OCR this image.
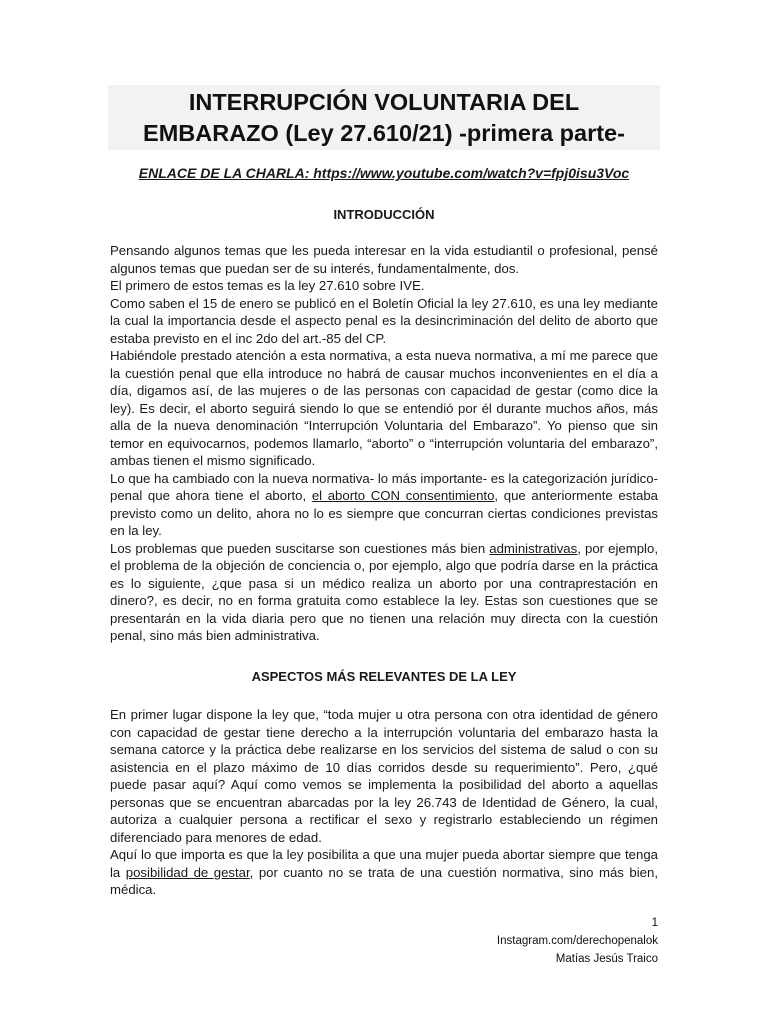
INTERRUPCIÓN VOLUNTARIA DEL
EMBARAZO (Ley 27.610/21) -primera parte-
ENLACE DE LA CHARLA: https://www.youtube.com/watch?v=fpj0isu3Voc
INTRODUCCIÓN

Pensando algunos temas que les pueda interesar en la vida estudiantil o profesional, pensé algunos temas que puedan ser de su interés, fundamentalmente, dos.

El primero de estos temas es la ley 27.610 sobre IVE.

Como saben el 15 de enero se publicó en el Boletín Oficial la ley 27.610, es una ley mediante la cual la importancia desde el aspecto penal es la desincriminación del delito de aborto que estaba previsto en el inc 2do del art.-85 del CP.

Habiéndole prestado atención a esta normativa, a esta nueva normativa, a mí me parece que la cuestión penal que ella introduce no habrá de causar muchos inconvenientes en el día a día, digamos así, de las mujeres o de las personas con capacidad de gestar (como dice la ley). Es decir, el aborto seguirá siendo lo que se entendió por él durante muchos años, más alla de la nueva denominación “Interrupción Voluntaria del Embarazo”. Yo pienso que sin temor en equivocarnos, podemos llamarlo, “aborto” o “interrupción voluntaria del embarazo”, ambas tienen el mismo significado.

Lo que ha cambiado con la nueva normativa- lo más importante- es la categorización jurídico-penal que ahora tiene el aborto, el aborto CON consentimiento, que anteriormente estaba previsto como un delito, ahora no lo es siempre que concurran ciertas condiciones previstas en la ley.

Los problemas que pueden suscitarse son cuestiones más bien administrativas, por ejemplo, el problema de la objeción de conciencia o, por ejemplo, algo que podría darse en la práctica es lo siguiente, ¿que pasa si un médico realiza un aborto por una contraprestación en dinero?, es decir, no en forma gratuita como establece la ley. Estas son cuestiones que se presentarán en la vida diaria pero que no tienen una relación muy directa con la cuestión penal, sino más bien administrativa.

ASPECTOS MÁS RELEVANTES DE LA LEY

En primer lugar dispone la ley que, “toda mujer u otra persona con otra identidad de género con capacidad de gestar tiene derecho a la interrupción voluntaria del embarazo hasta la semana catorce y la práctica debe realizarse en los servicios del sistema de salud o con su asistencia en el plazo máximo de 10 días corridos desde su requerimiento”. Pero, ¿qué puede pasar aquí? Aquí como vemos se implementa la posibilidad del aborto a aquellas personas que se encuentran abarcadas por la ley 26.743 de Identidad de Género, la cual, autoriza a cualquier persona a rectificar el sexo y registrarlo estableciendo un régimen diferenciado para menores de edad.

Aquí lo que importa es que la ley posibilita a que una mujer pueda abortar siempre que tenga la posibilidad de gestar, por cuanto no se trata de una cuestión normativa, sino más bien, médica.

1
Instagram.com/derechopenalok
Matías Jesús Traico
